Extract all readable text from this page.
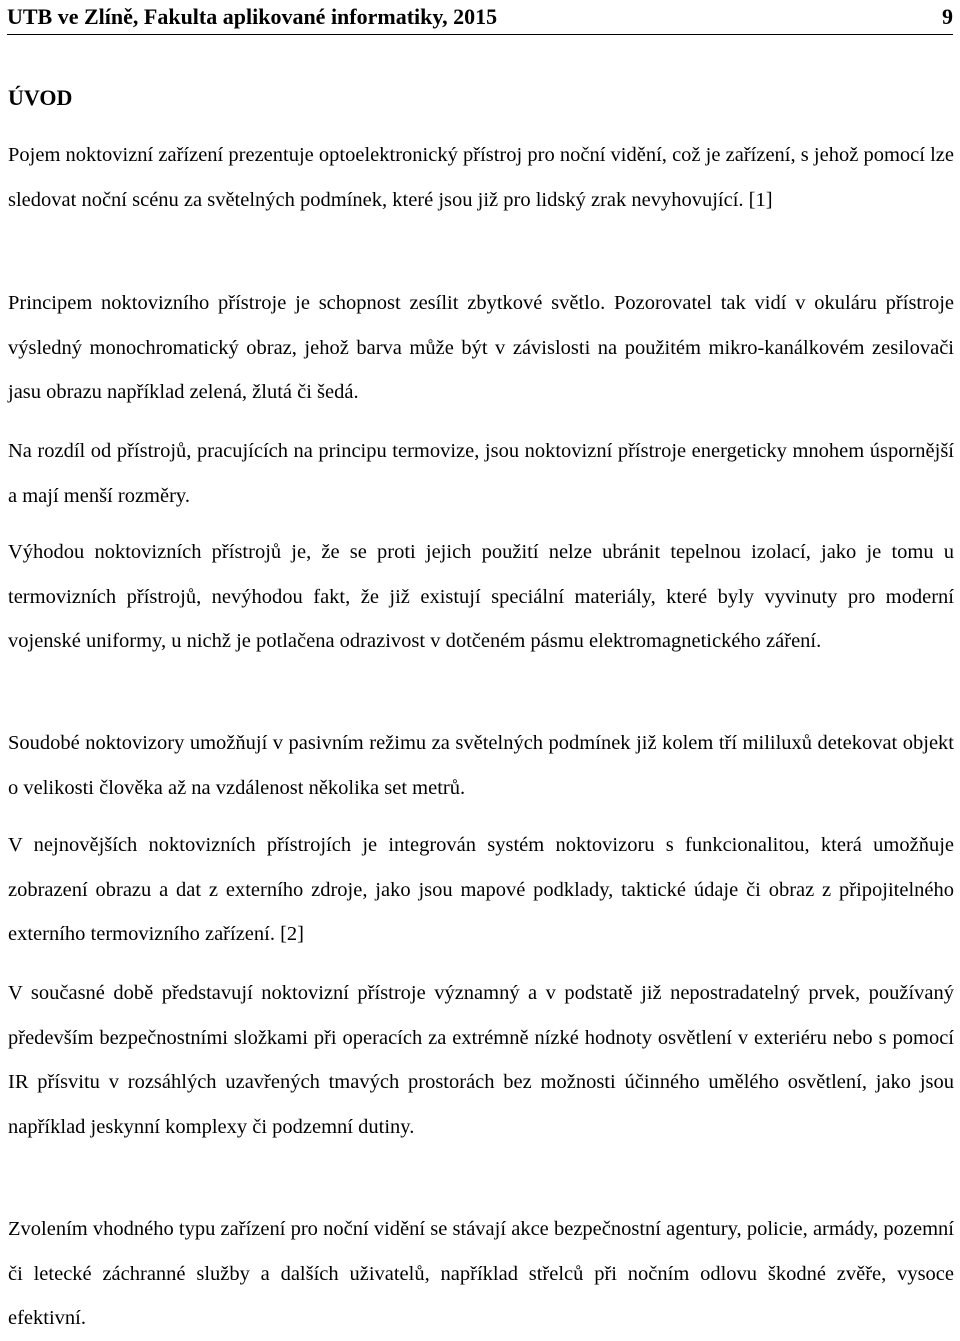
UTB ve Zlíně, Fakulta aplikované informatiky, 2015	9
ÚVOD

Pojem noktovizní zařízení prezentuje optoelektronický přístroj pro noční vidění, což je zařízení, s jehož pomocí lze sledovat noční scénu za světelných podmínek, které jsou již pro lidský zrak nevyhovující. [1]

Principem noktovizního přístroje je schopnost zesílit zbytkové světlo. Pozorovatel tak vidí v okuláru přístroje výsledný monochromatický obraz, jehož barva může být v závislosti na použitém mikro-kanálkovém zesilovači jasu obrazu například zelená, žlutá či šedá.

Na rozdíl od přístrojů, pracujících na principu termovize, jsou noktovizní přístroje energeticky mnohem úspornější a mají menší rozměry.

Výhodou noktovizních přístrojů je, že se proti jejich použití nelze ubránit tepelnou izolací, jako je tomu u termovizních přístrojů, nevýhodou fakt, že již existují speciální materiály, které byly vyvinuty pro moderní vojenské uniformy, u nichž je potlačena odrazivost v dotčeném pásmu elektromagnetického záření.

Soudobé noktovizory umožňují v pasivním režimu za světelných podmínek již kolem tří mililuxů detekovat objekt o velikosti člověka až na vzdálenost několika set metrů.

V nejnovějších noktovizních přístrojích je integrován systém noktovizoru s funkcionalitou, která umožňuje zobrazení obrazu a dat z externího zdroje, jako jsou mapové podklady, taktické údaje či obraz z připojitelného externího termovizního zařízení. [2]

V současné době představují noktovizní přístroje významný a v podstatě již nepostradatelný prvek, používaný především bezpečnostními složkami při operacích za extrémně nízké hodnoty osvětlení v exteriéru nebo s pomocí IR přísvitu v rozsáhlých uzavřených tmavých prostorách bez možnosti účinného umělého osvětlení, jako jsou například jeskynní komplexy či podzemní dutiny.

Zvolením vhodného typu zařízení pro noční vidění se stávají akce bezpečnostní agentury, policie, armády, pozemní či letecké záchranné služby a dalších uživatelů, například střelců při nočním odlovu škodné zvěře, vysoce efektivní.
